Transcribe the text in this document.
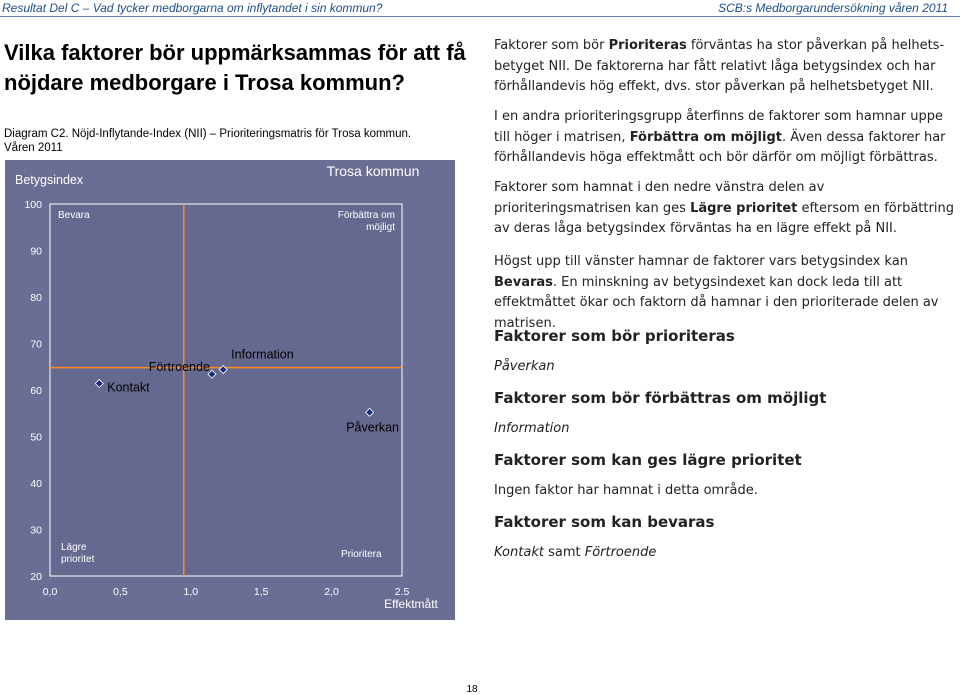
Resultat Del C – Vad tycker medborgarna om inflytandet i sin kommun?	SCB:s Medborgarundersökning våren 2011
Vilka faktorer bör uppmärksammas för att få nöjdare medborgare i Trosa kommun?
Diagram C2. Nöjd-Inflytande-Index (NII) – Prioriteringsmatris för Trosa kommun.
Våren 2011
Trosa kommun
Betygsindex
100
90
80
70
60
50
40
30
20
0,0	0,5	1,0	1,5	2,0	2.5
Effektmått
Bevara	Förbättra om möjligt
Lägre prioritet	Prioritera
Kontakt
Förtroende
Information
Påverkan

Faktorer som bör Prioriteras förväntas ha stor påverkan på helhets- betyget NII. De faktorerna har fått relativt låga betygsindex och har förhållandevis hög effekt, dvs. stor påverkan på helhetsbetyget NII.

I en andra prioriteringsgrupp återfinns de faktorer som hamnar uppe till höger i matrisen, Förbättra om möjligt. Även dessa faktorer har förhållandevis höga effektmått och bör därför om möjligt förbättras.

Faktorer som hamnat i den nedre vänstra delen av prioriteringsmatrisen kan ges Lägre prioritet eftersom en förbättring av deras låga betygsindex förväntas ha en lägre effekt på NII.

Högst upp till vänster hamnar de faktorer vars betygsindex kan Bevaras. En minskning av betygsindexet kan dock leda till att effektmåttet ökar och faktorn då hamnar i den prioriterade delen av matrisen.

Faktorer som bör prioriteras

Påverkan

Faktorer som bör förbättras om möjligt

Information

Faktorer som kan ges lägre prioritet

Ingen faktor har hamnat i detta område.

Faktorer som kan bevaras

Kontakt samt Förtroende

18
